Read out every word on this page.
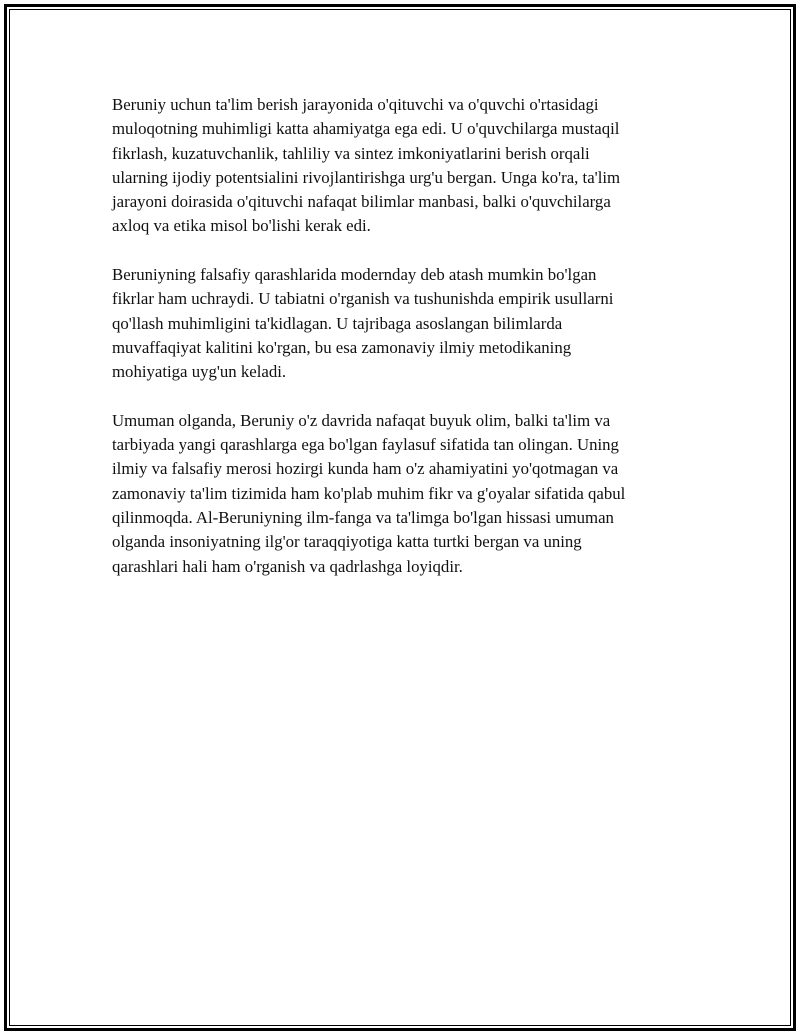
Beruniy uchun ta'lim berish jarayonida o'qituvchi va o'quvchi o'rtasidagi
muloqotning muhimligi katta ahamiyatga ega edi. U o'quvchilarga mustaqil
fikrlash, kuzatuvchanlik, tahliliy va sintez imkoniyatlarini berish orqali
ularning ijodiy potentsialini rivojlantirishga urg'u bergan. Unga ko'ra, ta'lim
jarayoni doirasida o'qituvchi nafaqat bilimlar manbasi, balki o'quvchilarga
axloq va etika misol bo'lishi kerak edi.

Beruniyning falsafiy qarashlarida modernday deb atash mumkin bo'lgan
fikrlar ham uchraydi. U tabiatni o'rganish va tushunishda empirik usullarni
qo'llash muhimligini ta'kidlagan. U tajribaga asoslangan bilimlarda
muvaffaqiyat kalitini ko'rgan, bu esa zamonaviy ilmiy metodikaning
mohiyatiga uyg'un keladi.

Umuman olganda, Beruniy o'z davrida nafaqat buyuk olim, balki ta'lim va
tarbiyada yangi qarashlarga ega bo'lgan faylasuf sifatida tan olingan. Uning
ilmiy va falsafiy merosi hozirgi kunda ham o'z ahamiyatini yo'qotmagan va
zamonaviy ta'lim tizimida ham ko'plab muhim fikr va g'oyalar sifatida qabul
qilinmoqda. Al-Beruniyning ilm-fanga va ta'limga bo'lgan hissasi umuman
olganda insoniyatning ilg'or taraqqiyotiga katta turtki bergan va uning
qarashlari hali ham o'rganish va qadrlashga loyiqdir.
